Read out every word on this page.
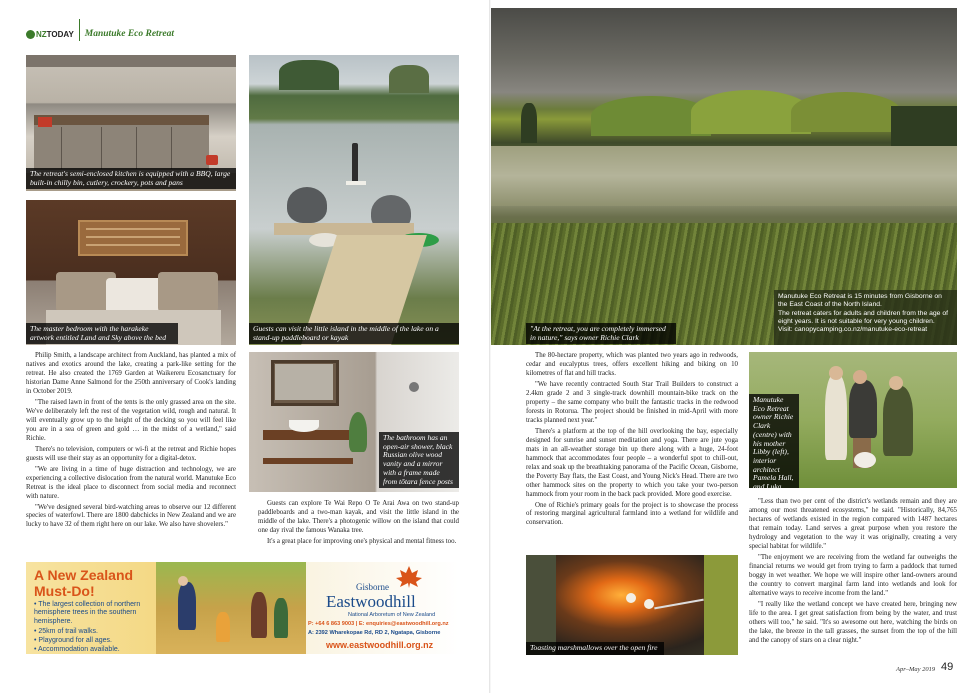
NZ TODAY Manutuke Eco Retreat
The retreat's semi-enclosed kitchen is equipped with a BBQ, large built-in chilly bin, cutlery, crockery, pots and pans
The master bedroom with the harakeke artwork entitled Land and Sky above the bed
Guests can visit the little island in the middle of the lake on a stand-up paddleboard or kayak

Philip Smith, a landscape architect from Auckland, has planted a mix of natives and exotics around the lake, creating a park-like setting for the retreat. He also created the 1769 Garden at Waikereru Ecosanctuary for historian Dame Anne Salmond for the 250th anniversary of Cook's landing in October 2019.

"The raised lawn in front of the tents is the only grassed area on the site. We've deliberately left the rest of the vegetation wild, rough and natural. It will eventually grow up to the height of the decking so you will feel like you are in a sea of green and gold … in the midst of a wetland," said Richie.

There's no television, computers or wi-fi at the retreat and Richie hopes guests will use their stay as an opportunity for a digital-detox.

"We are living in a time of huge distraction and technology, we are experiencing a collective dislocation from the natural world. Manutuke Eco Retreat is the ideal place to disconnect from social media and reconnect with nature.

"We've designed several bird-watching areas to observe our 12 different species of waterfowl. There are 1800 dabchicks in New Zealand and we are lucky to have 32 of them right here on our lake. We also have shovelers."

The bathroom has an open-air shower, black Russian olive wood vanity and a mirror with a frame made from tōtara fence posts

Guests can explore Te Wai Repo O Te Arai Awa on two stand-up paddleboards and a two-man kayak, and visit the little island in the middle of the lake. There's a photogenic willow on the island that could one day rival the famous Wanaka tree.

It's a great place for improving one's physical and mental fitness too.

A New Zealand
Must-Do!
• The largest collection of northern hemisphere trees in the southern hemisphere.
• 25km of trail walks.
• Playground for all ages.
• Accommodation available.
Gisborne
Eastwoodhill
National Arboretum of New Zealand
P: +64 6 863 9003 | E: enquiries@eastwoodhill.org.nz
A: 2392 Wharekopae Rd, RD 2, Ngatapa, Gisborne
www.eastwoodhill.org.nz
"At the retreat, you are completely immersed in nature," says owner Richie Clark
Manutuke Eco Retreat is 15 minutes from Gisborne on the East Coast of the North Island.
The retreat caters for adults and children from the age of eight years. It is not suitable for very young children.
Visit: canopycamping.co.nz/manutuke-eco-retreat

The 80-hectare property, which was planted two years ago in redwoods, cedar and eucalyptus trees, offers excellent hiking and biking on 10 kilometres of flat and hill tracks.

"We have recently contracted South Star Trail Builders to construct a 2.4km grade 2 and 3 single-track downhill mountain-bike track on the property – the same company who built the fantastic tracks in the redwood forests in Rotorua. The project should be finished in mid-April with more tracks planned next year."

There's a platform at the top of the hill overlooking the bay, especially designed for sunrise and sunset meditation and yoga. There are jute yoga mats in an all-weather storage bin up there along with a huge, 24-foot hammock that accommodates four people – a wonderful spot to chill-out, relax and soak up the breathtaking panorama of the Pacific Ocean, Gisborne, the Poverty Bay flats, the East Coast, and Young Nick's Head. There are two other hammock sites on the property to which you take your two-person hammock from your room in the back pack provided. More good exercise.

One of Richie's primary goals for the project is to showcase the process of restoring marginal agricultural farmland into a wetland for wildlife and conservation.

Manutuke Eco Retreat owner Richie Clark (centre) with his mother Libby (left), interior architect Pamela Hall, and Luka

"Less than two per cent of the district's wetlands remain and they are among our most threatened ecosystems," he said. "Historically, 84,765 hectares of wetlands existed in the region compared with 1487 hectares that remain today. Land serves a great purpose when you restore the hydrology and vegetation to the way it was originally, creating a very special habitat for wildlife."

"The enjoyment we are receiving from the wetland far outweighs the financial returns we would get from trying to farm a paddock that turned boggy in wet weather. We hope we will inspire other land-owners around the country to convert marginal farm land into wetlands and look for alternative ways to receive income from the land."

"I really like the wetland concept we have created here, bringing new life to the area. I get great satisfaction from being by the water, and trust others will too," he said. "It's so awesome out here, watching the birds on the lake, the breeze in the tall grasses, the sunset from the top of the hill and the canopy of stars on a clear night."

Toasting marshmallows over the open fire
Apr–May 2019 49
